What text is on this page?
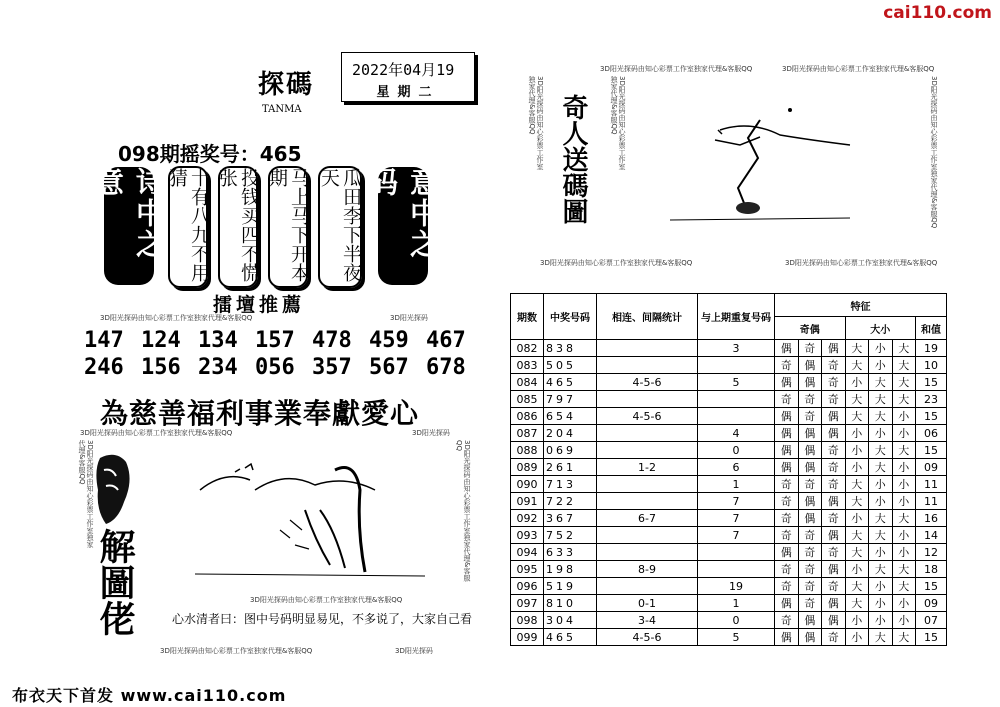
cai110.com
布衣天下首发 www.cai110.com
探碼
TANMA
2022年04月19
星期二
098期摇奖号：465
诗中之意	十有八九不用猜	投钱买四不慌张	马上马下开本期	瓜田李下半夜天	意中之码
擂壇推薦
3D阳光探码由知心彩票工作室独家代理&客服QQ	3D阳光探码
147 124 134 157 478 459 467
246 156 234 056 357 567 678
為慈善福利事業奉獻愛心
3D阳光探码由知心彩票工作室独家代理&客服QQ	3D阳光探码
3D阳光探码由知心彩票工作室独家代理&客服QQ	3D阳光探码由知心彩票工作室独家代理&客服QQ
解圖佬	3D阳光探码由知心彩票工作室独家代理&客服QQ
心水清者曰：图中号码明显易见，不多说了，大家自己看
3D阳光探码由知心彩票工作室独家代理&客服QQ	3D阳光探码
3D阳光探码由知心彩票工作室独家代理&客服QQ	3D阳光探码由知心彩票工作室独家代理&客服QQ
3D阳光探码由知心彩票工作室独家代理&客服QQ	3D阳光探码由知心彩票工作室独家代理&客服QQ	3D阳光探码由知心彩票工作室独家代理&客服QQ
奇人送碼圖
3D阳光探码由知心彩票工作室独家代理&客服QQ	3D阳光探码由知心彩票工作室独家代理&客服QQ
期数	中奖号码	相连、间隔统计	与上期重复号码	特征						
				奇偶			大小			和值
082	838		3	偶	奇	偶	大	小	大	19
083	505			奇	偶	奇	大	小	大	10
084	465	4-5-6	5	偶	偶	奇	小	大	大	15
085	797			奇	奇	奇	大	大	大	23
086	654	4-5-6		偶	奇	偶	大	大	小	15
087	204		4	偶	偶	偶	小	小	小	06
088	069		0	偶	偶	奇	小	大	大	15
089	261	1-2	6	偶	偶	奇	小	大	小	09
090	713		1	奇	奇	奇	大	小	小	11
091	722		7	奇	偶	偶	大	小	小	11
092	367	6-7	7	奇	偶	奇	小	大	大	16
093	752		7	奇	奇	偶	大	大	小	14
094	633			偶	奇	奇	大	小	小	12
095	198	8-9		奇	奇	偶	小	大	大	18
096	519		19	奇	奇	奇	大	小	大	15
097	810	0-1	1	偶	奇	偶	大	小	小	09
098	304	3-4	0	奇	偶	偶	小	小	小	07
099	465	4-5-6	5	偶	偶	奇	小	大	大	15
